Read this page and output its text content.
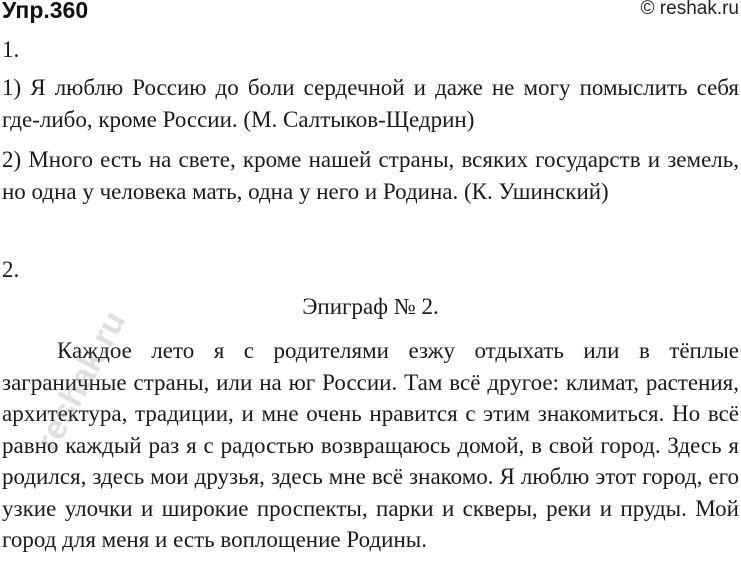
Упр.360	© reshak.ru
1.

1) Я люблю Россию до боли сердечной и даже не могу помыслить себя где-либо, кроме России. (М. Салтыков-Щедрин)

2) Много есть на свете, кроме нашей страны, всяких государств и земель, но одна у человека мать, одна у него и Родина. (К. Ушинский)

2.
Эпиграф № 2.

Каждое лето я с родителями езжу отдыхать или в тёплые заграничные страны, или на юг России. Там всё другое: климат, растения, архитектура, традиции, и мне очень нравится с этим знакомиться. Но всё равно каждый раз я с радостью возвращаюсь домой, в свой город. Здесь я родился, здесь мои друзья, здесь мне всё знакомо. Я люблю этот город, его узкие улочки и широкие проспекты, парки и скверы, реки и пруды. Мой город для меня и есть воплощение Родины.

reshak.ru
